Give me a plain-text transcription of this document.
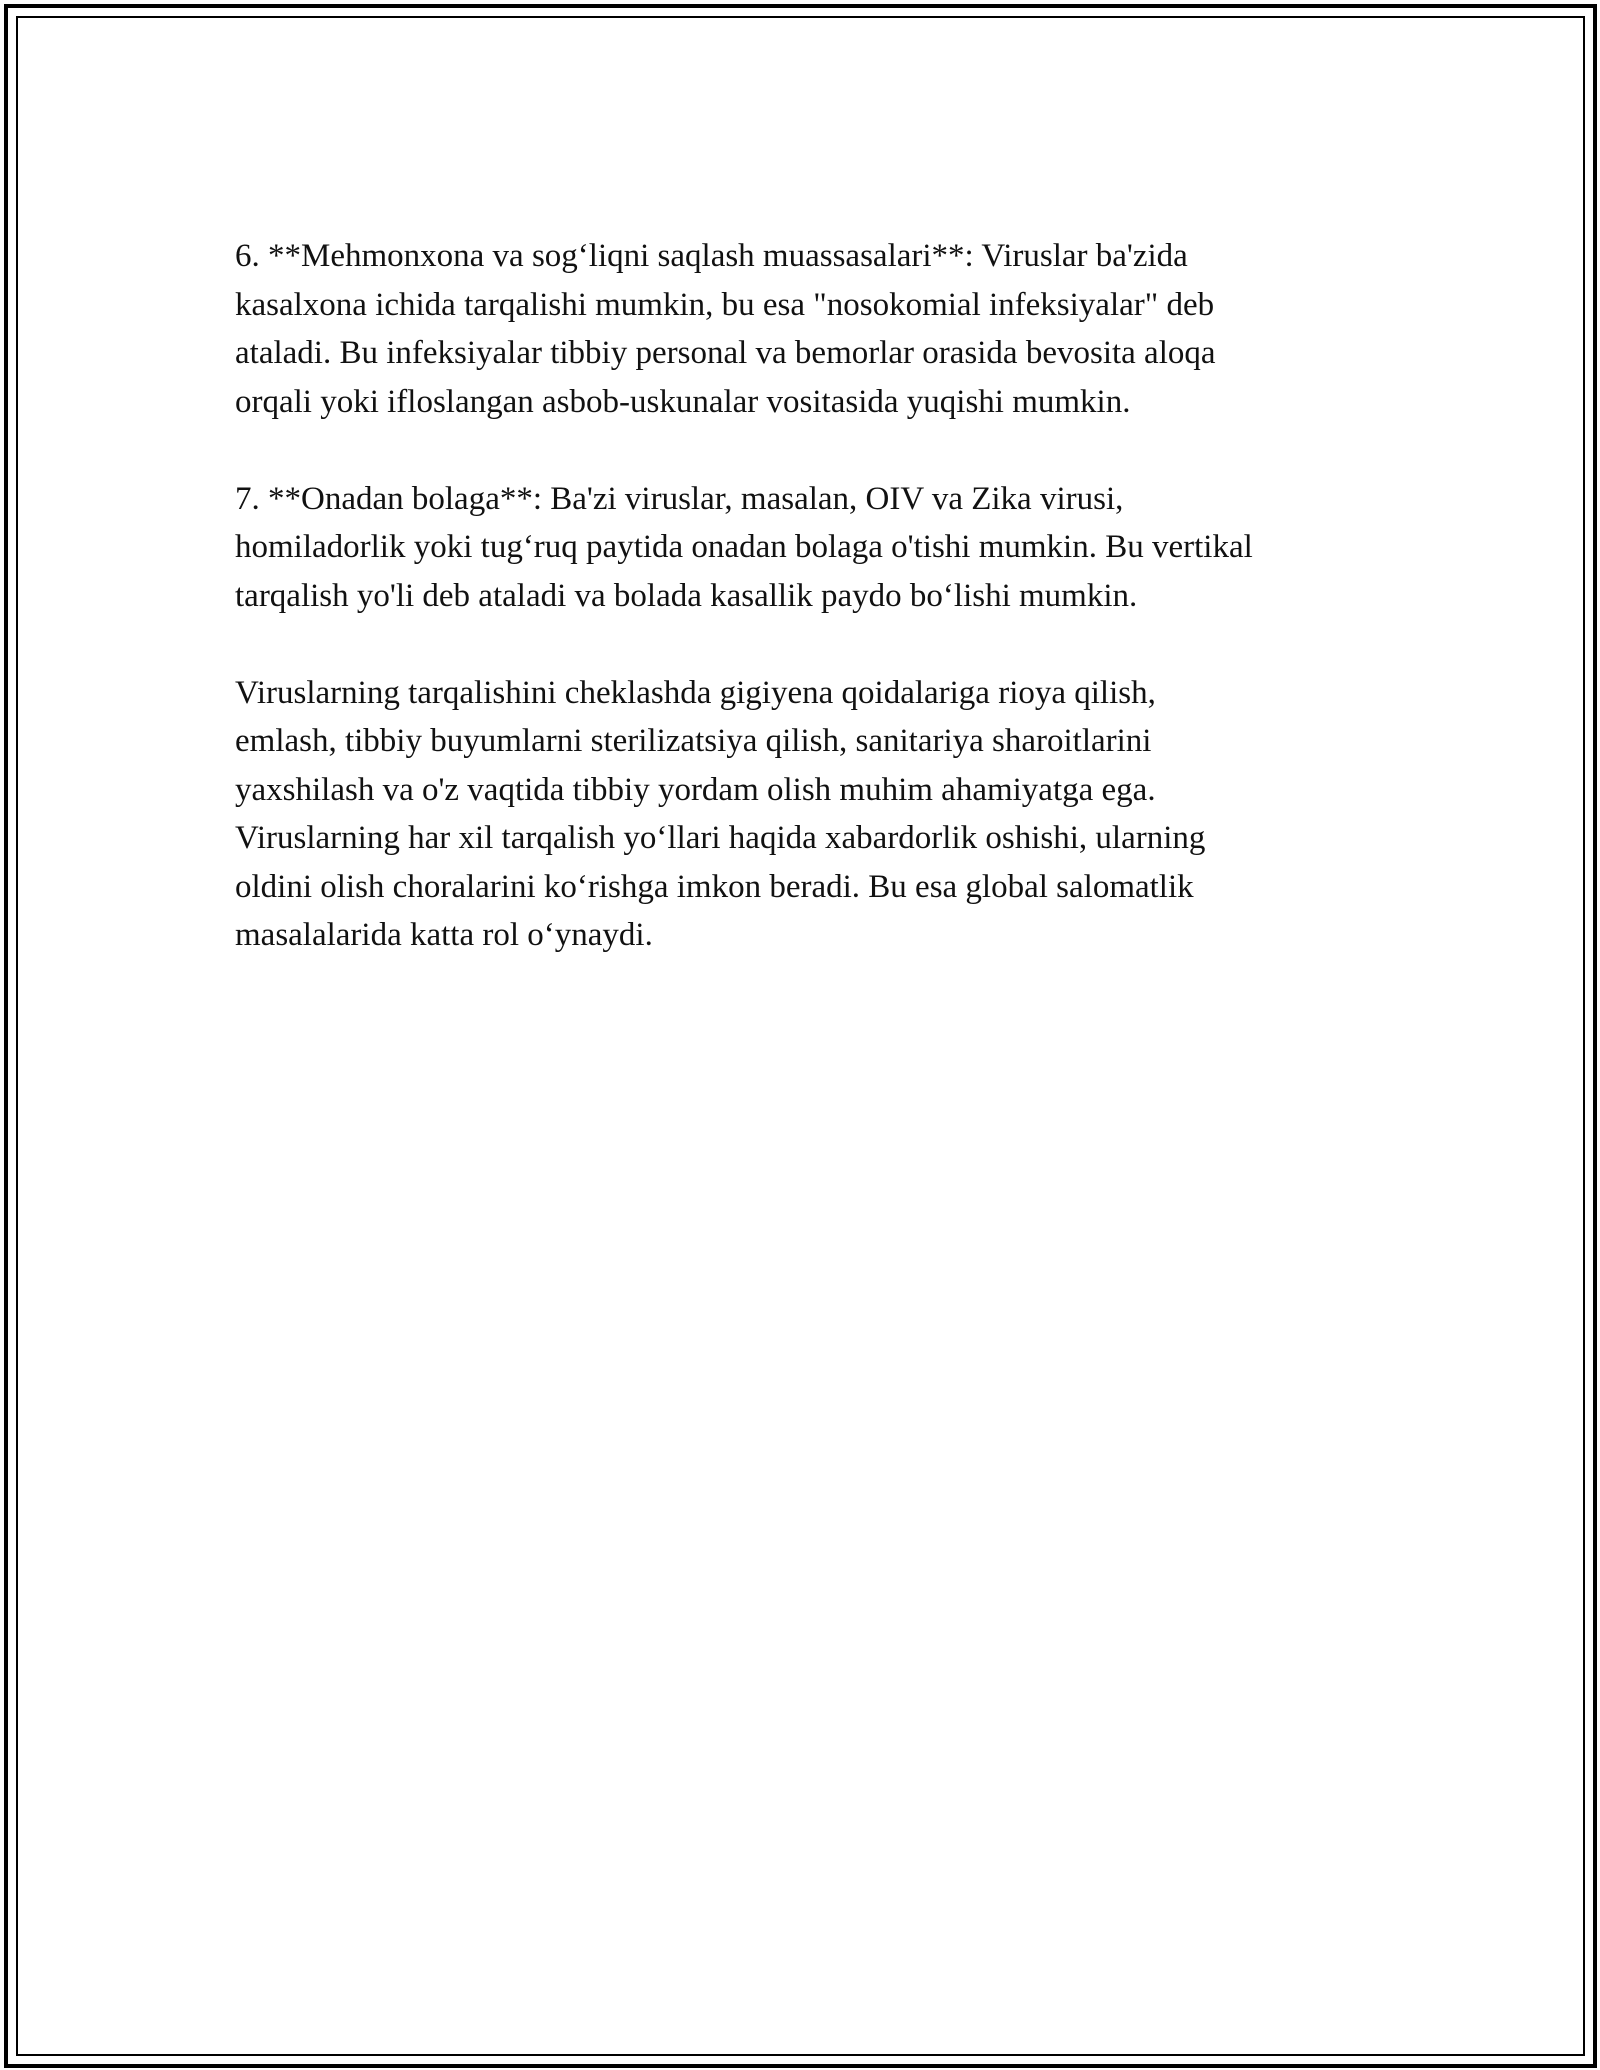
6. **Mehmonxona va sog‘liqni saqlash muassasalari**: Viruslar ba'zida
kasalxona ichida tarqalishi mumkin, bu esa "nosokomial infeksiyalar" deb
ataladi. Bu infeksiyalar tibbiy personal va bemorlar orasida bevosita aloqa
orqali yoki ifloslangan asbob-uskunalar vositasida yuqishi mumkin.

7. **Onadan bolaga**: Ba'zi viruslar, masalan, OIV va Zika virusi,
homiladorlik yoki tug‘ruq paytida onadan bolaga o'tishi mumkin. Bu vertikal
tarqalish yo'li deb ataladi va bolada kasallik paydo bo‘lishi mumkin.

Viruslarning tarqalishini cheklashda gigiyena qoidalariga rioya qilish,
emlash, tibbiy buyumlarni sterilizatsiya qilish, sanitariya sharoitlarini
yaxshilash va o'z vaqtida tibbiy yordam olish muhim ahamiyatga ega.
Viruslarning har xil tarqalish yo‘llari haqida xabardorlik oshishi, ularning
oldini olish choralarini ko‘rishga imkon beradi. Bu esa global salomatlik
masalalarida katta rol o‘ynaydi.
